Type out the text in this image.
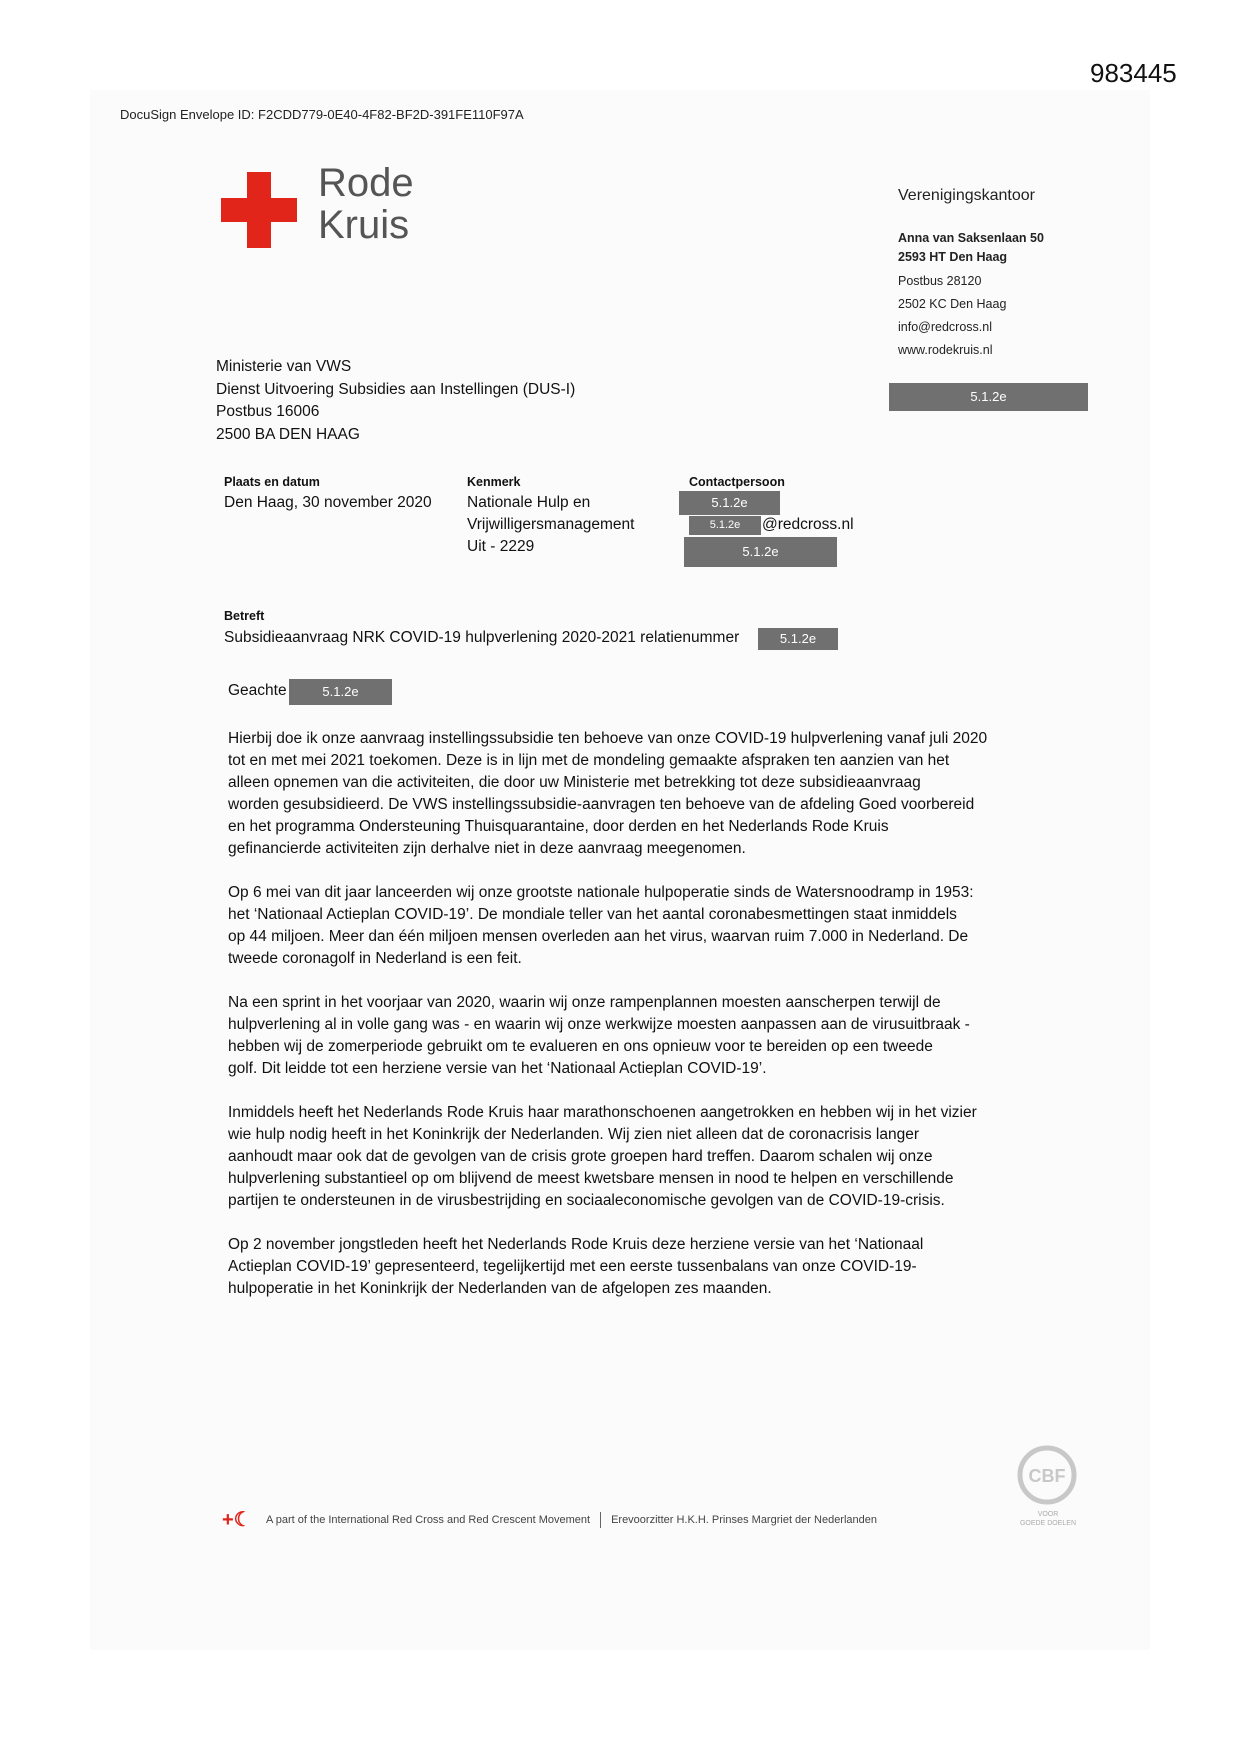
983445
DocuSign Envelope ID: F2CDD779-0E40-4F82-BF2D-391FE110F97A
Rode
Kruis
Verenigingskantoor
Anna van Saksenlaan 50
2593 HT Den Haag
Postbus 28120
2502 KC Den Haag
info@redcross.nl
www.rodekruis.nl
5.1.2e
Ministerie van VWS
Dienst Uitvoering Subsidies aan Instellingen (DUS-I)
Postbus 16006
2500 BA DEN HAAG
Plaats en datum
Den Haag, 30 november 2020
Kenmerk
Nationale Hulp en
Vrijwilligersmanagement
Uit - 2229
Contactpersoon
5.1.2e
5.1.2e	@redcross.nl
5.1.2e
Betreft
Subsidieaanvraag NRK COVID-19 hulpverlening 2020-2021 relatienummer	5.1.2e
Geachte	5.1.2e

Hierbij doe ik onze aanvraag instellingssubsidie ten behoeve van onze COVID-19 hulpverlening vanaf juli 2020
tot en met mei 2021 toekomen. Deze is in lijn met de mondeling gemaakte afspraken ten aanzien van het
alleen opnemen van die activiteiten, die door uw Ministerie met betrekking tot deze subsidieaanvraag
worden gesubsidieerd. De VWS instellingssubsidie-aanvragen ten behoeve van de afdeling Goed voorbereid
en het programma Ondersteuning Thuisquarantaine, door derden en het Nederlands Rode Kruis
gefinancierde activiteiten zijn derhalve niet in deze aanvraag meegenomen.

Op 6 mei van dit jaar lanceerden wij onze grootste nationale hulpoperatie sinds de Watersnoodramp in 1953:
het ‘Nationaal Actieplan COVID-19’. De mondiale teller van het aantal coronabesmettingen staat inmiddels
op 44 miljoen. Meer dan één miljoen mensen overleden aan het virus, waarvan ruim 7.000 in Nederland. De
tweede coronagolf in Nederland is een feit.

Na een sprint in het voorjaar van 2020, waarin wij onze rampenplannen moesten aanscherpen terwijl de
hulpverlening al in volle gang was - en waarin wij onze werkwijze moesten aanpassen aan de virusuitbraak -
hebben wij de zomerperiode gebruikt om te evalueren en ons opnieuw voor te bereiden op een tweede
golf. Dit leidde tot een herziene versie van het ‘Nationaal Actieplan COVID-19’.

Inmiddels heeft het Nederlands Rode Kruis haar marathonschoenen aangetrokken en hebben wij in het vizier
wie hulp nodig heeft in het Koninkrijk der Nederlanden. Wij zien niet alleen dat de coronacrisis langer
aanhoudt maar ook dat de gevolgen van de crisis grote groepen hard treffen. Daarom schalen wij onze
hulpverlening substantieel op om blijvend de meest kwetsbare mensen in nood te helpen en verschillende
partijen te ondersteunen in de virusbestrijding en sociaaleconomische gevolgen van de COVID-19-crisis.

Op 2 november jongstleden heeft het Nederlands Rode Kruis deze herziene versie van het ‘Nationaal
Actieplan COVID-19’ gepresenteerd, tegelijkertijd met een eerste tussenbalans van onze COVID-19-
hulpoperatie in het Koninkrijk der Nederlanden van de afgelopen zes maanden.

CBF
VOOR
GOEDE DOELEN
+☾ A part of the International Red Cross and Red Crescent Movement Erevoorzitter H.K.H. Prinses Margriet der Nederlanden
